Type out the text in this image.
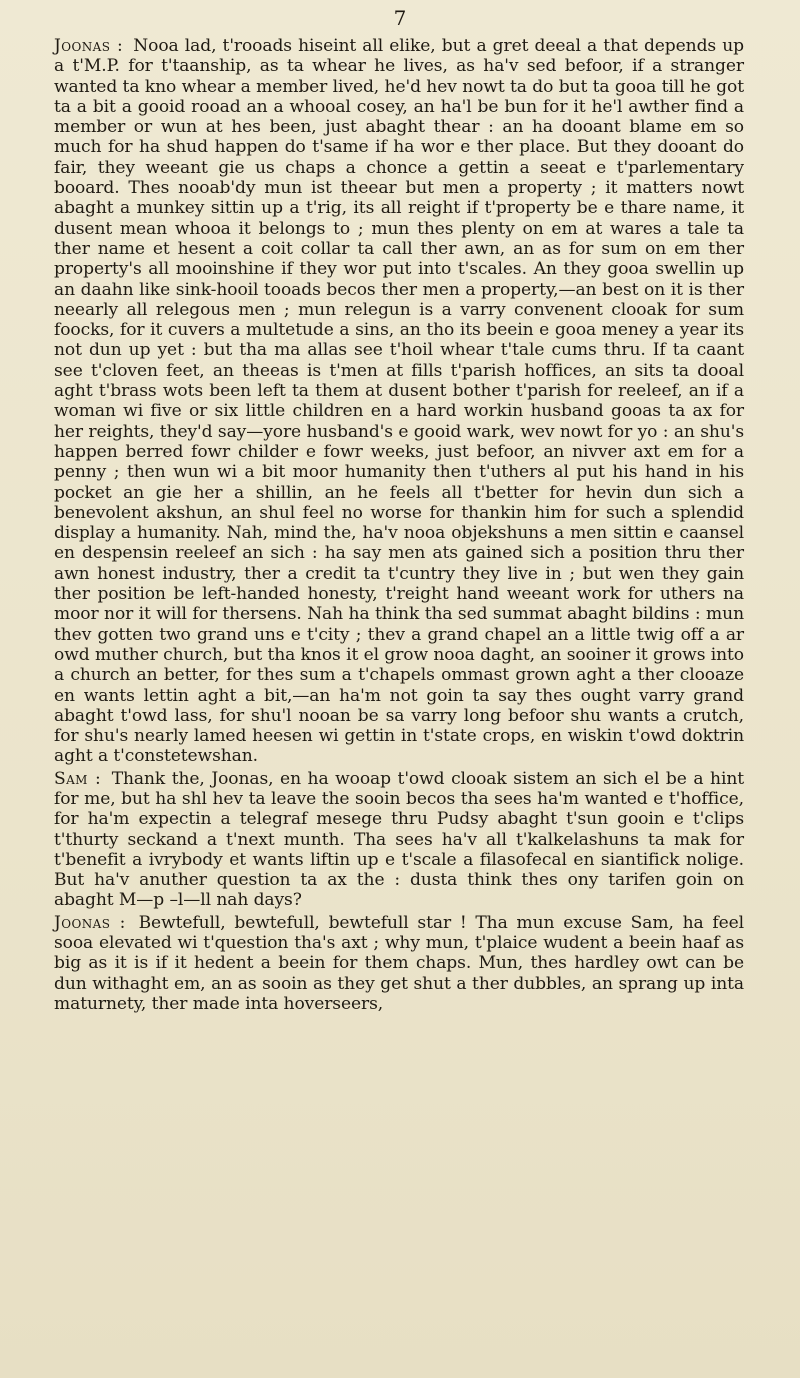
7

Joonas : Nooa lad, t'rooads hiseint all elike, but a gret deeal a that depends up a t'M.P. for t'taanship, as ta whear he lives, as ha'v sed befoor, if a stranger wanted ta kno whear a member lived, he'd hev nowt ta do but ta gooa till he got ta a bit a gooid rooad an a whooal cosey, an ha'l be bun for it he'l awther find a member or wun at hes been, just abaght thear : an ha dooant blame em so much for ha shud happen do t'same if ha wor e ther place. But they dooant do fair, they weeant gie us chaps a chonce a gettin a seeat e t'parlementary booard. Thes nooab'dy mun ist theear but men a property ; it matters nowt abaght a munkey sittin up a t'rig, its all reight if t'property be e thare name, it dusent mean whooa it belongs to ; mun thes plenty on em at wares a tale ta ther name et hesent a coit collar ta call ther awn, an as for sum on em ther property's all mooinshine if they wor put into t'scales. An they gooa swellin up an daahn like sink-hooil tooads becos ther men a property,—an best on it is ther neearly all relegous men ; mun relegun is a varry convenent clooak for sum foocks, for it cuvers a multetude a sins, an tho its beein e gooa meney a year its not dun up yet : but tha ma allas see t'hoil whear t'tale cums thru. If ta caant see t'cloven feet, an theeas is t'men at fills t'parish hoffices, an sits ta dooal aght t'brass wots been left ta them at dusent bother t'parish for reeleef, an if a woman wi five or six little children en a hard workin husband gooas ta ax for her reights, they'd say—yore husband's e gooid wark, wev nowt for yo : an shu's happen berred fowr childer e fowr weeks, just befoor, an nivver axt em for a penny ; then wun wi a bit moor humanity then t'uthers al put his hand in his pocket an gie her a shillin, an he feels all t'better for hevin dun sich a benevolent akshun, an shul feel no worse for thankin him for such a splendid display a humanity. Nah, mind the, ha'v nooa objekshuns a men sittin e caansel en despensin reeleef an sich : ha say men ats gained sich a position thru ther awn honest industry, ther a credit ta t'cuntry they live in ; but wen they gain ther position be left-handed honesty, t'reight hand weeant work for uthers na moor nor it will for thersens. Nah ha think tha sed summat abaght bildins : mun thev gotten two grand uns e t'city ; thev a grand chapel an a little twig off a ar owd muther church, but tha knos it el grow nooa daght, an sooiner it grows into a church an better, for thes sum a t'chapels ommast grown aght a ther clooaze en wants lettin aght a bit,—an ha'm not goin ta say thes ought varry grand abaght t'owd lass, for shu'l nooan be sa varry long befoor shu wants a crutch, for shu's nearly lamed heesen wi gettin in t'state crops, en wiskin t'owd doktrin aght a t'constetewshan.

Sam : Thank the, Joonas, en ha wooap t'owd clooak sistem an sich el be a hint for me, but ha shl hev ta leave the sooin becos tha sees ha'm wanted e t'hoffice, for ha'm expectin a telegraf mesege thru Pudsy abaght t'sun gooin e t'clips t'thurty seckand a t'next munth. Tha sees ha'v all t'kalkelashuns ta mak for t'benefit a ivrybody et wants liftin up e t'scale a filasofecal en siantifick nolige. But ha'v anuther question ta ax the : dusta think thes ony tarifen goin on abaght M—p –l—ll nah days?

Joonas : Bewtefull, bewtefull, bewtefull star ! Tha mun excuse Sam, ha feel sooa elevated wi t'question tha's axt ; why mun, t'plaice wudent a beein haaf as big as it is if it hedent a beein for them chaps. Mun, thes hardley owt can be dun withaght em, an as sooin as they get shut a ther dubbles, an sprang up inta maturnety, ther made inta hoverseers,
